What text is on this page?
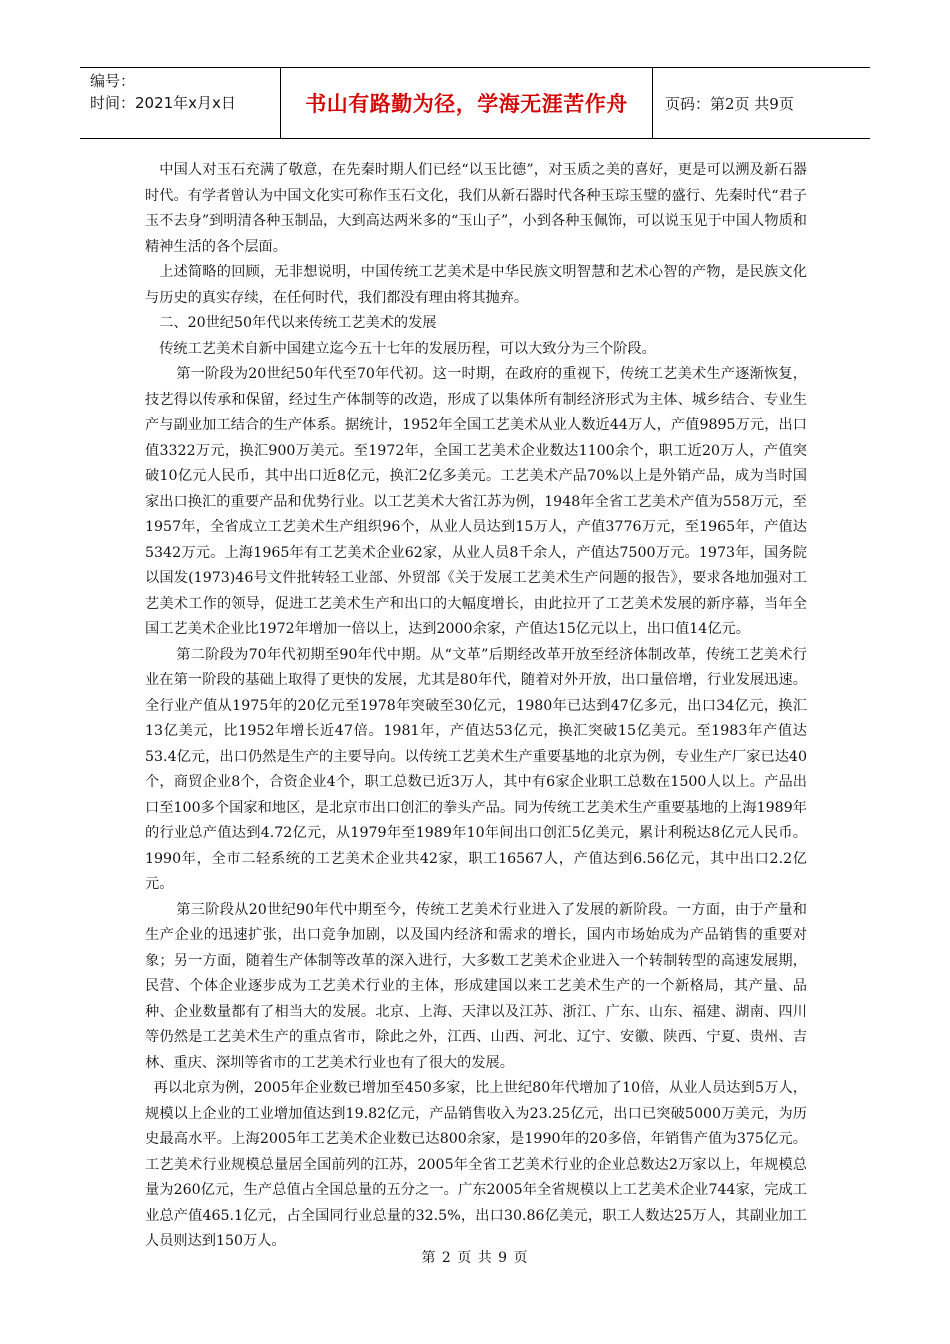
编号：
时间：2021年x月x日	书山有路勤为径，学海无涯苦作舟	页码：第2页 共9页

中国人对玉石充满了敬意，在先秦时期人们已经“以玉比德”，对玉质之美的喜好，更是可以溯及新石器时代。有学者曾认为中国文化实可称作玉石文化，我们从新石器时代各种玉琮玉璧的盛行、先秦时代“君子玉不去身”到明清各种玉制品，大到高达两米多的“玉山子”，小到各种玉佩饰，可以说玉见于中国人物质和精神生活的各个层面。

上述简略的回顾，无非想说明，中国传统工艺美术是中华民族文明智慧和艺术心智的产物，是民族文化与历史的真实存续，在任何时代，我们都没有理由将其抛弃。

二、20世纪50年代以来传统工艺美术的发展

传统工艺美术自新中国建立迄今五十七年的发展历程，可以大致分为三个阶段。

第一阶段为20世纪50年代至70年代初。这一时期，在政府的重视下，传统工艺美术生产逐渐恢复，技艺得以传承和保留，经过生产体制等的改造，形成了以集体所有制经济形式为主体、城乡结合、专业生产与副业加工结合的生产体系。据统计，1952年全国工艺美术从业人数近44万人，产值9895万元，出口值3322万元，换汇900万美元。至1972年，全国工艺美术企业数达1100余个，职工近20万人，产值突破10亿元人民币，其中出口近8亿元，换汇2亿多美元。工艺美术产品70%以上是外销产品，成为当时国家出口换汇的重要产品和优势行业。以工艺美术大省江苏为例，1948年全省工艺美术产值为558万元，至1957年，全省成立工艺美术生产组织96个，从业人员达到15万人，产值3776万元，至1965年，产值达5342万元。上海1965年有工艺美术企业62家，从业人员8千余人，产值达7500万元。1973年，国务院以国发(1973)46号文件批转轻工业部、外贸部《关于发展工艺美术生产问题的报告》，要求各地加强对工艺美术工作的领导，促进工艺美术生产和出口的大幅度增长，由此拉开了工艺美术发展的新序幕，当年全国工艺美术企业比1972年增加一倍以上，达到2000余家，产值达15亿元以上，出口值14亿元。

第二阶段为70年代初期至90年代中期。从“文革”后期经改革开放至经济体制改革，传统工艺美术行业在第一阶段的基础上取得了更快的发展，尤其是80年代，随着对外开放，出口量倍增，行业发展迅速。全行业产值从1975年的20亿元至1978年突破至30亿元，1980年已达到47亿多元，出口34亿元，换汇13亿美元，比1952年增长近47倍。1981年，产值达53亿元，换汇突破15亿美元。至1983年产值达53.4亿元，出口仍然是生产的主要导向。以传统工艺美术生产重要基地的北京为例，专业生产厂家已达40个，商贸企业8个，合资企业4个，职工总数已近3万人，其中有6家企业职工总数在1500人以上。产品出口至100多个国家和地区，是北京市出口创汇的拳头产品。同为传统工艺美术生产重要基地的上海1989年的行业总产值达到4.72亿元，从1979年至1989年10年间出口创汇5亿美元，累计利税达8亿元人民币。1990年，全市二轻系统的工艺美术企业共42家，职工16567人，产值达到6.56亿元，其中出口2.2亿元。

第三阶段从20世纪90年代中期至今，传统工艺美术行业进入了发展的新阶段。一方面，由于产量和生产企业的迅速扩张，出口竞争加剧，以及国内经济和需求的增长，国内市场始成为产品销售的重要对象；另一方面，随着生产体制等改革的深入进行，大多数工艺美术企业进入一个转制转型的高速发展期，民营、个体企业逐步成为工艺美术行业的主体，形成建国以来工艺美术生产的一个新格局，其产量、品种、企业数量都有了相当大的发展。北京、上海、天津以及江苏、浙江、广东、山东、福建、湖南、四川等仍然是工艺美术生产的重点省市，除此之外，江西、山西、河北、辽宁、安徽、陕西、宁夏、贵州、吉林、重庆、深圳等省市的工艺美术行业也有了很大的发展。

再以北京为例，2005年企业数已增加至450多家，比上世纪80年代增加了10倍，从业人员达到5万人，规模以上企业的工业增加值达到19.82亿元，产品销售收入为23.25亿元，出口已突破5000万美元，为历史最高水平。上海2005年工艺美术企业数已达800余家，是1990年的20多倍，年销售产值为375亿元。工艺美术行业规模总量居全国前列的江苏，2005年全省工艺美术行业的企业总数达2万家以上，年规模总量为260亿元，生产总值占全国总量的五分之一。广东2005年全省规模以上工艺美术企业744家，完成工业总产值465.1亿元，占全国同行业总量的32.5%，出口30.86亿美元，职工人数达25万人，其副业加工人员则达到150万人。

第 2 页 共 9 页
